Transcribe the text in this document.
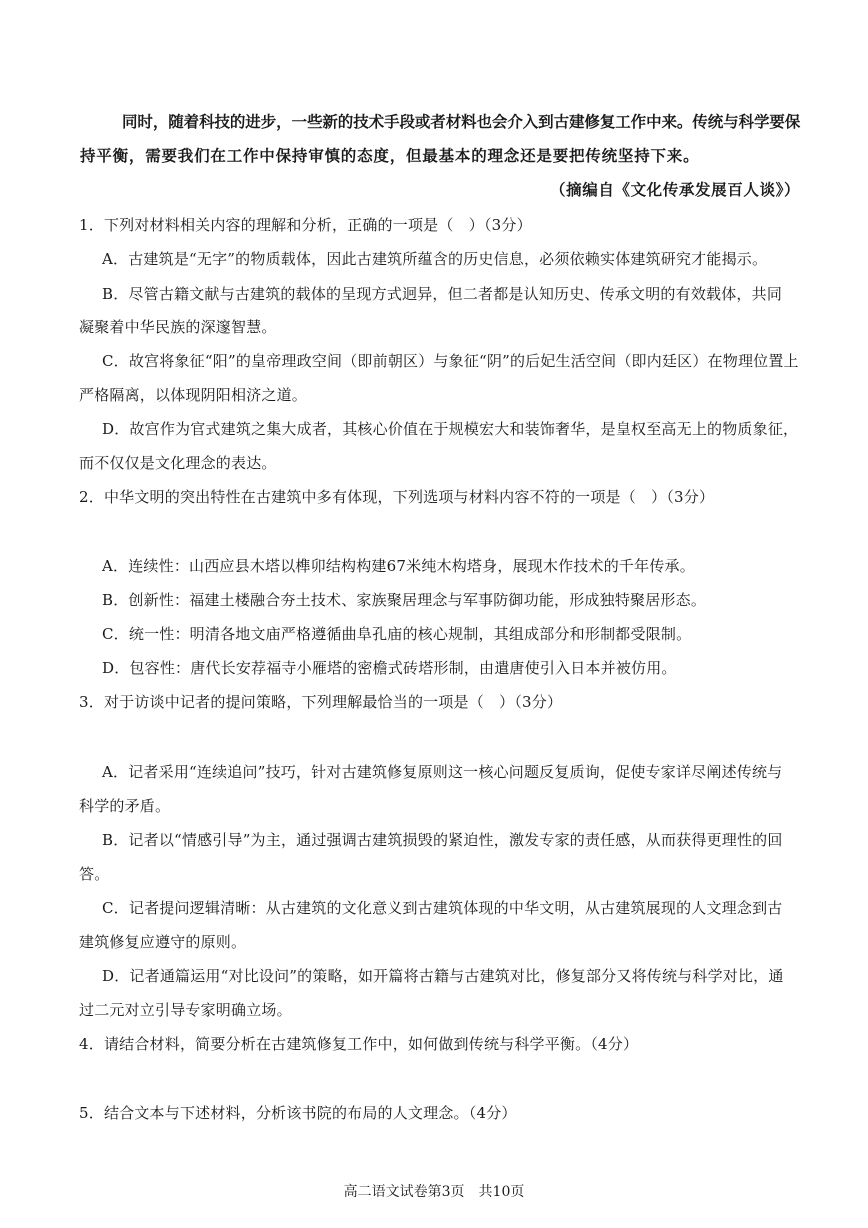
同时，随着科技的进步，一些新的技术手段或者材料也会介入到古建修复工作中来。传统与科学要保

持平衡，需要我们在工作中保持审慎的态度，但最基本的理念还是要把传统坚持下来。

（摘编自《文化传承发展百人谈》）

1．下列对材料相关内容的理解和分析，正确的一项是（　）（3分）

A．古建筑是“无字”的物质载体，因此古建筑所蕴含的历史信息，必须依赖实体建筑研究才能揭示。

B．尽管古籍文献与古建筑的载体的呈现方式迥异，但二者都是认知历史、传承文明的有效载体，共同

凝聚着中华民族的深邃智慧。

C．故宫将象征“阳”的皇帝理政空间（即前朝区）与象征“阴”的后妃生活空间（即内廷区）在物理位置上

严格隔离，以体现阴阳相济之道。

D．故宫作为官式建筑之集大成者，其核心价值在于规模宏大和装饰奢华，是皇权至高无上的物质象征，

而不仅仅是文化理念的表达。

2．中华文明的突出特性在古建筑中多有体现，下列选项与材料内容不符的一项是（　）（3分）

A．连续性：山西应县木塔以榫卯结构构建67米纯木构塔身，展现木作技术的千年传承。

B．创新性：福建土楼融合夯土技术、家族聚居理念与军事防御功能，形成独特聚居形态。

C．统一性：明清各地文庙严格遵循曲阜孔庙的核心规制，其组成部分和形制都受限制。

D．包容性：唐代长安荐福寺小雁塔的密檐式砖塔形制，由遣唐使引入日本并被仿用。

3．对于访谈中记者的提问策略，下列理解最恰当的一项是（　）（3分）

A．记者采用“连续追问”技巧，针对古建筑修复原则这一核心问题反复质询，促使专家详尽阐述传统与

科学的矛盾。

B．记者以“情感引导”为主，通过强调古建筑损毁的紧迫性，激发专家的责任感，从而获得更理性的回

答。

C．记者提问逻辑清晰：从古建筑的文化意义到古建筑体现的中华文明，从古建筑展现的人文理念到古

建筑修复应遵守的原则。

D．记者通篇运用“对比设问”的策略，如开篇将古籍与古建筑对比，修复部分又将传统与科学对比，通

过二元对立引导专家明确立场。

4．请结合材料，简要分析在古建筑修复工作中，如何做到传统与科学平衡。（4分）

5．结合文本与下述材料，分析该书院的布局的人文理念。（4分）

高二语文试卷第3页　共10页
